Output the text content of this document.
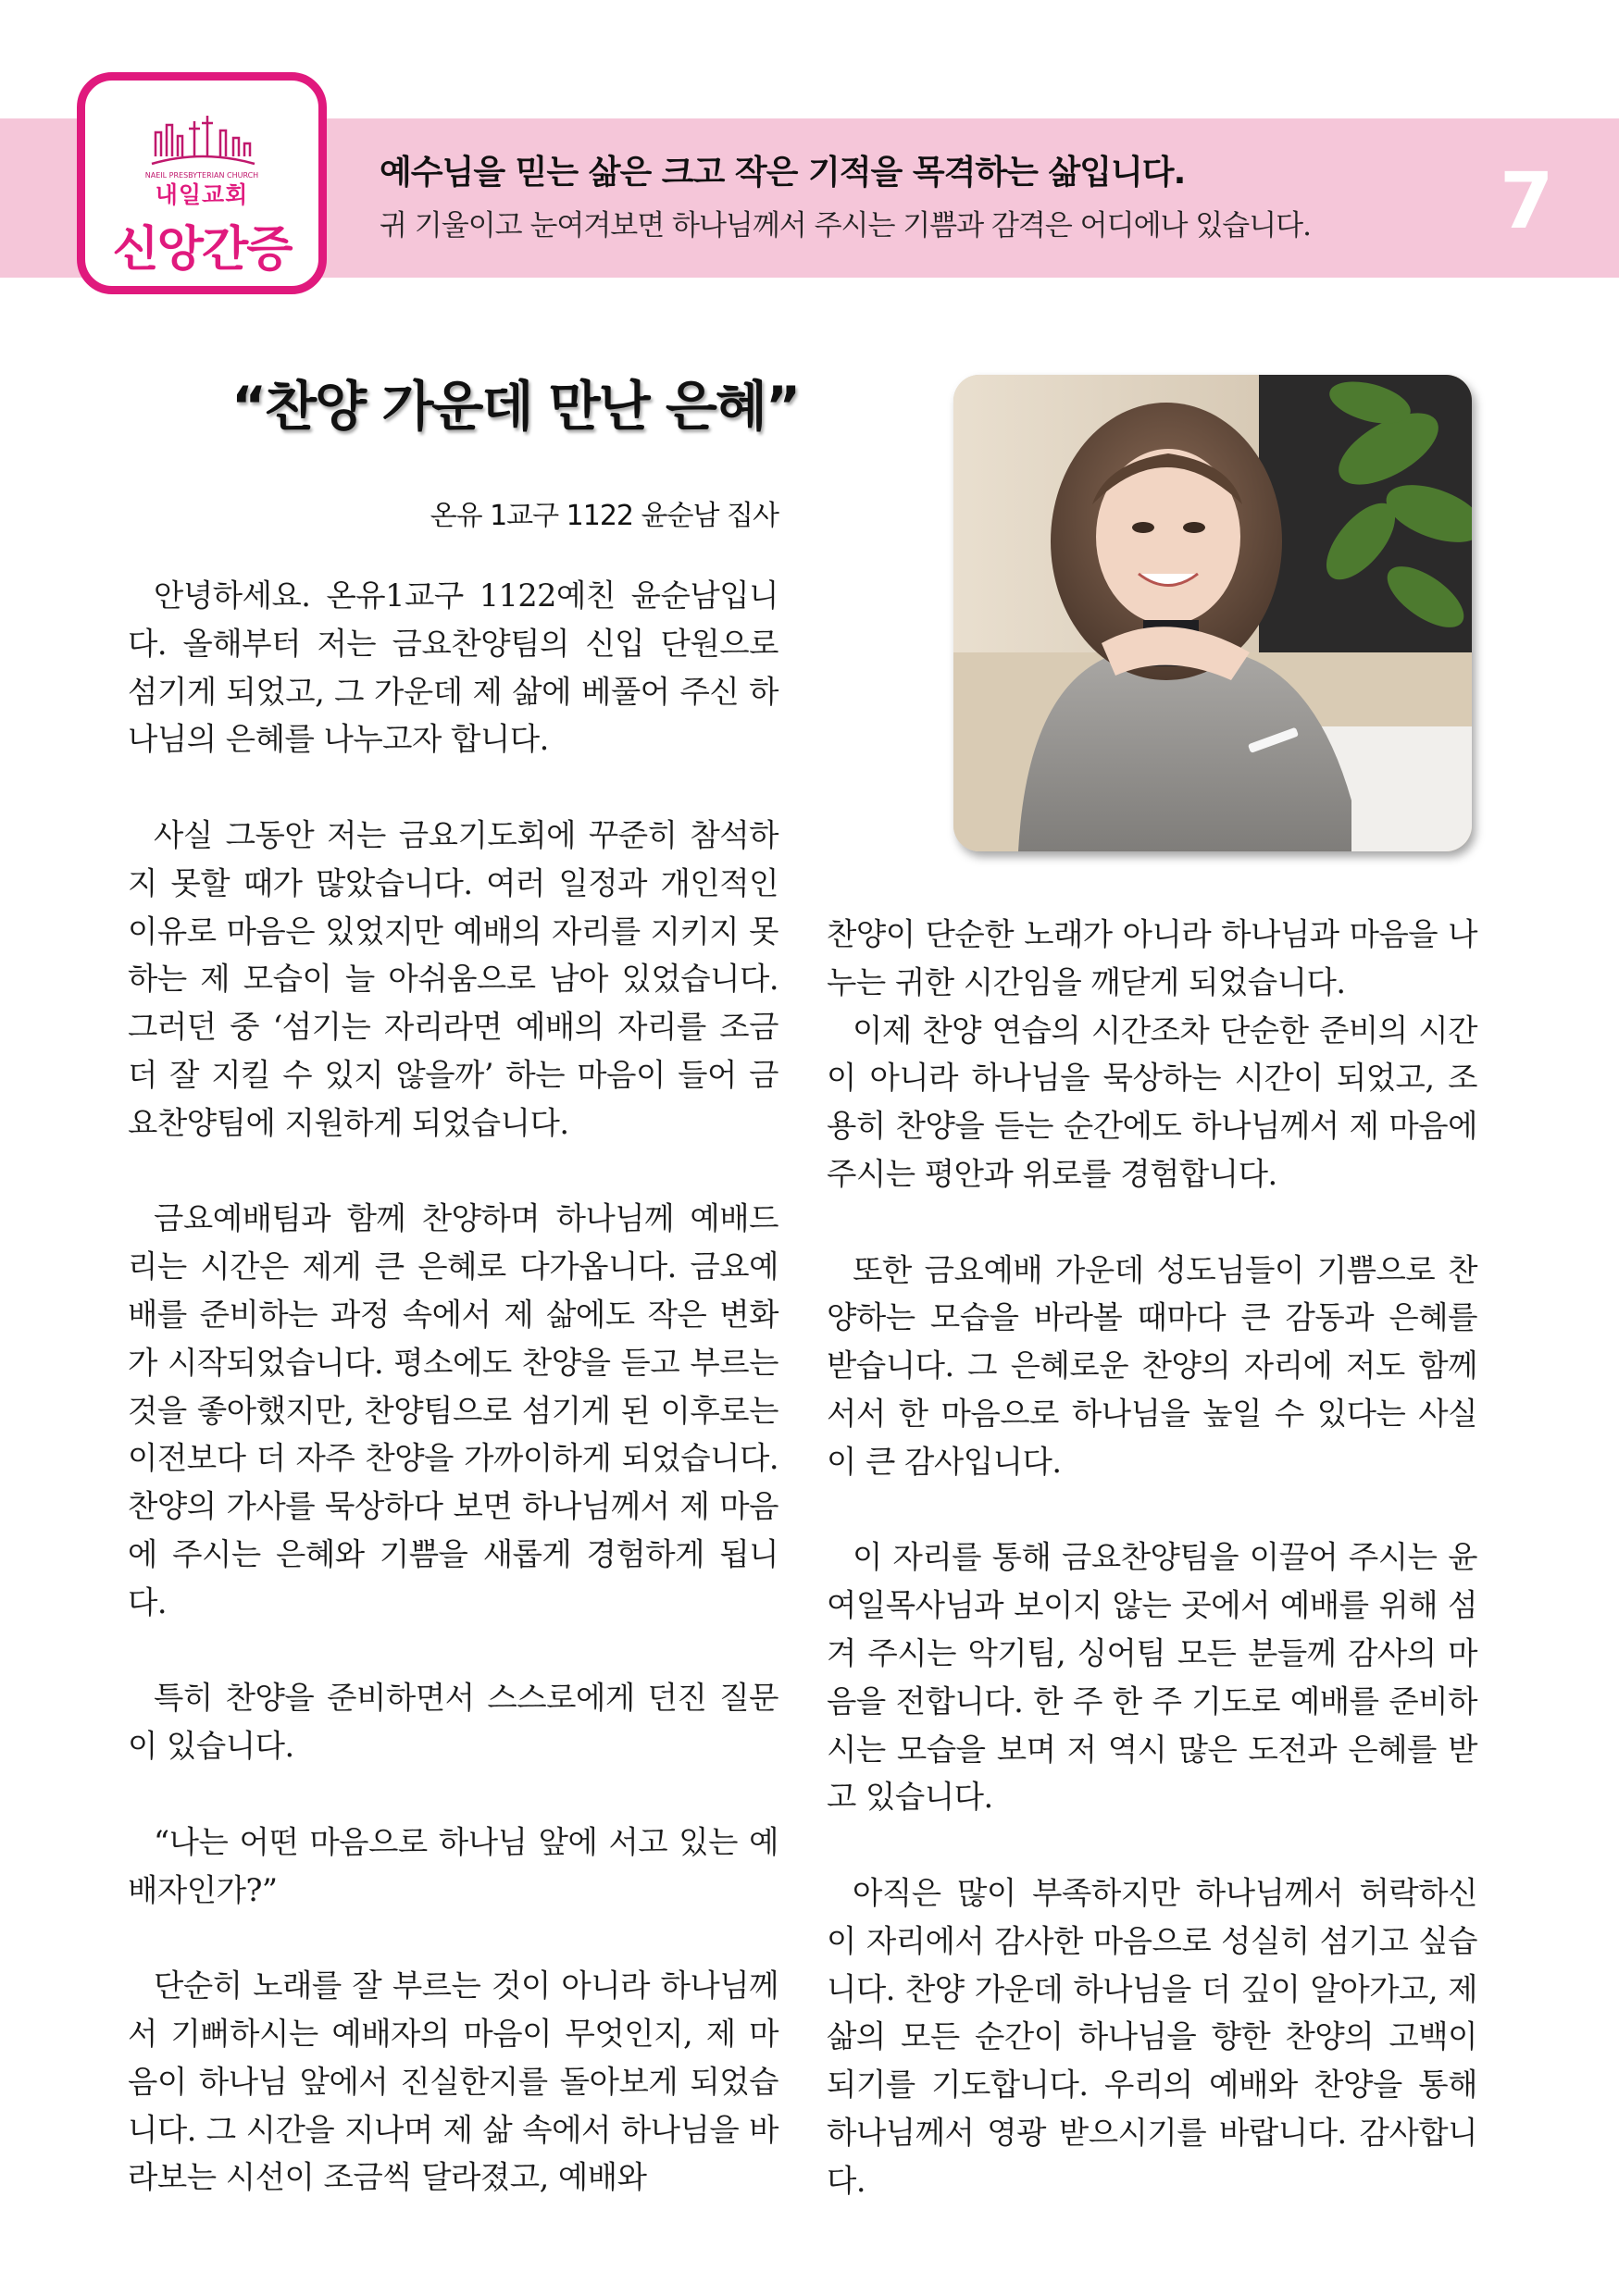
NAEIL PRESBYTERIAN CHURCH
내일교회
신앙간증
예수님을 믿는 삶은 크고 작은 기적을 목격하는 삶입니다.
귀 기울이고 눈여겨보면 하나님께서 주시는 기쁨과 감격은 어디에나 있습니다. 7
“찬양 가운데 만난 은혜”
온유 1교구 1122 윤순남 집사

안녕하세요. 온유1교구 1122예친 윤순남입니다. 올해부터 저는 금요찬양팀의 신입 단원으로 섬기게 되었고, 그 가운데 제 삶에 베풀어 주신 하나님의 은혜를 나누고자 합니다.

사실 그동안 저는 금요기도회에 꾸준히 참석하지 못할 때가 많았습니다. 여러 일정과 개인적인 이유로 마음은 있었지만 예배의 자리를 지키지 못하는 제 모습이 늘 아쉬움으로 남아 있었습니다. 그러던 중 ‘섬기는 자리라면 예배의 자리를 조금 더 잘 지킬 수 있지 않을까’ 하는 마음이 들어 금요찬양팀에 지원하게 되었습니다.

금요예배팀과 함께 찬양하며 하나님께 예배드리는 시간은 제게 큰 은혜로 다가옵니다. 금요예배를 준비하는 과정 속에서 제 삶에도 작은 변화가 시작되었습니다. 평소에도 찬양을 듣고 부르는 것을 좋아했지만, 찬양팀으로 섬기게 된 이후로는 이전보다 더 자주 찬양을 가까이하게 되었습니다. 찬양의 가사를 묵상하다 보면 하나님께서 제 마음에 주시는 은혜와 기쁨을 새롭게 경험하게 됩니다.

특히 찬양을 준비하면서 스스로에게 던진 질문이 있습니다.

“나는 어떤 마음으로 하나님 앞에 서고 있는 예배자인가?”

단순히 노래를 잘 부르는 것이 아니라 하나님께서 기뻐하시는 예배자의 마음이 무엇인지, 제 마음이 하나님 앞에서 진실한지를 돌아보게 되었습니다. 그 시간을 지나며 제 삶 속에서 하나님을 바라보는 시선이 조금씩 달라졌고, 예배와

찬양이 단순한 노래가 아니라 하나님과 마음을 나누는 귀한 시간임을 깨닫게 되었습니다.

이제 찬양 연습의 시간조차 단순한 준비의 시간이 아니라 하나님을 묵상하는 시간이 되었고, 조용히 찬양을 듣는 순간에도 하나님께서 제 마음에 주시는 평안과 위로를 경험합니다.

또한 금요예배 가운데 성도님들이 기쁨으로 찬양하는 모습을 바라볼 때마다 큰 감동과 은혜를 받습니다. 그 은혜로운 찬양의 자리에 저도 함께 서서 한 마음으로 하나님을 높일 수 있다는 사실이 큰 감사입니다.

이 자리를 통해 금요찬양팀을 이끌어 주시는 윤여일목사님과 보이지 않는 곳에서 예배를 위해 섬겨 주시는 악기팀, 싱어팀 모든 분들께 감사의 마음을 전합니다. 한 주 한 주 기도로 예배를 준비하시는 모습을 보며 저 역시 많은 도전과 은혜를 받고 있습니다.

아직은 많이 부족하지만 하나님께서 허락하신 이 자리에서 감사한 마음으로 성실히 섬기고 싶습니다. 찬양 가운데 하나님을 더 깊이 알아가고, 제 삶의 모든 순간이 하나님을 향한 찬양의 고백이 되기를 기도합니다. 우리의 예배와 찬양을 통해 하나님께서 영광 받으시기를 바랍니다. 감사합니다.
